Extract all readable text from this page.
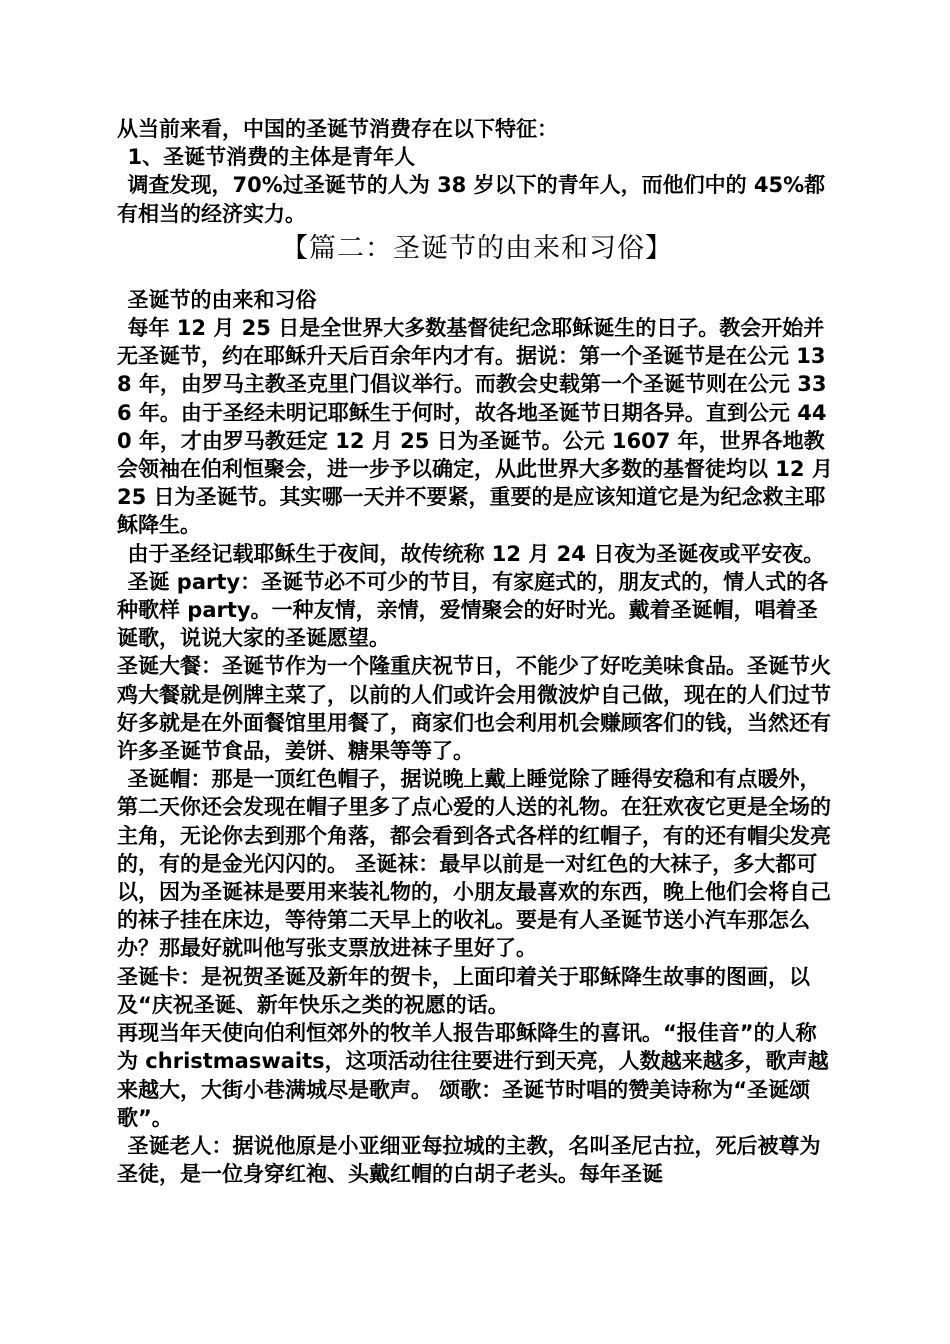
从当前来看，中国的圣诞节消费存在以下特征：

1、圣诞节消费的主体是青年人

调查发现，70%过圣诞节的人为 38 岁以下的青年人，而他们中的 45%都有相当的经济实力。

【篇二：圣诞节的由来和习俗】

圣诞节的由来和习俗

每年 12 月 25 日是全世界大多数基督徒纪念耶稣诞生的日子。教会开始并无圣诞节，约在耶稣升天后百余年内才有。据说：第一个圣诞节是在公元 138 年，由罗马主教圣克里门倡议举行。而教会史载第一个圣诞节则在公元 336 年。由于圣经未明记耶稣生于何时，故各地圣诞节日期各异。直到公元 440 年，才由罗马教廷定 12 月 25 日为圣诞节。公元 1607 年，世界各地教会领袖在伯利恒聚会，进一步予以确定，从此世界大多数的基督徒均以 12 月 25 日为圣诞节。其实哪一天并不要紧，重要的是应该知道它是为纪念救主耶稣降生。

由于圣经记载耶稣生于夜间，故传统称 12 月 24 日夜为圣诞夜或平安夜。

圣诞 party：圣诞节必不可少的节目，有家庭式的，朋友式的，情人式的各种歌样 party。一种友情，亲情，爱情聚会的好时光。戴着圣诞帽，唱着圣诞歌，说说大家的圣诞愿望。

圣诞大餐：圣诞节作为一个隆重庆祝节日，不能少了好吃美味食品。圣诞节火鸡大餐就是例牌主菜了，以前的人们或许会用微波炉自己做，现在的人们过节好多就是在外面餐馆里用餐了，商家们也会利用机会赚顾客们的钱，当然还有许多圣诞节食品，姜饼、糖果等等了。

圣诞帽：那是一顶红色帽子，据说晚上戴上睡觉除了睡得安稳和有点暖外，第二天你还会发现在帽子里多了点心爱的人送的礼物。在狂欢夜它更是全场的主角，无论你去到那个角落，都会看到各式各样的红帽子，有的还有帽尖发亮的，有的是金光闪闪的。 圣诞袜：最早以前是一对红色的大袜子，多大都可以，因为圣诞袜是要用来装礼物的，小朋友最喜欢的东西，晚上他们会将自己的袜子挂在床边，等待第二天早上的收礼。要是有人圣诞节送小汽车那怎么办？那最好就叫他写张支票放进袜子里好了。

圣诞卡：是祝贺圣诞及新年的贺卡，上面印着关于耶稣降生故事的图画，以及“庆祝圣诞、新年快乐之类的祝愿的话。

再现当年天使向伯利恒郊外的牧羊人报告耶稣降生的喜讯。“报佳音”的人称为 christmaswaits，这项活动往往要进行到天亮，人数越来越多，歌声越来越大，大街小巷满城尽是歌声。 颂歌：圣诞节时唱的赞美诗称为“圣诞颂歌”。

圣诞老人：据说他原是小亚细亚每拉城的主教，名叫圣尼古拉，死后被尊为圣徒，是一位身穿红袍、头戴红帽的白胡子老头。每年圣诞
